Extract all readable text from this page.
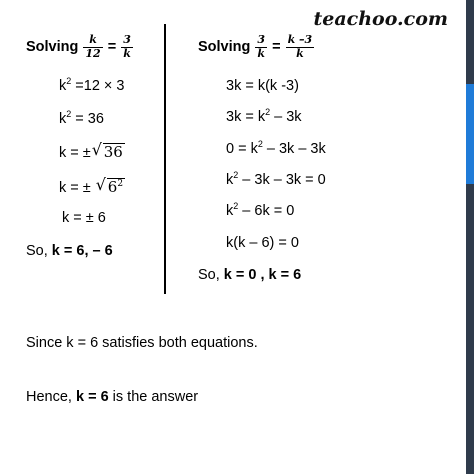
teachoo.com
Solving $\frac{k}{12} = \frac{3}{k}$
$k^2 =12 \times 3$
$k^2 = 36$
k = ± √ 36
k = ± √ $6^2$
k = ± 6
So, k = 6, – 6
Solving $\frac{3}{k} = \frac{k -3}{k}$
3k = k(k -3)
$3k = k^2 - 3k$
$0 = k^2 - 3k - 3k$
$k^2 - 3k - 3k = 0$
$k^2 - 6k = 0$
k(k – 6) = 0
So, k = 0 , k = 6
Since k = 6 satisfies both equations.
Hence, k = 6 is the answer
